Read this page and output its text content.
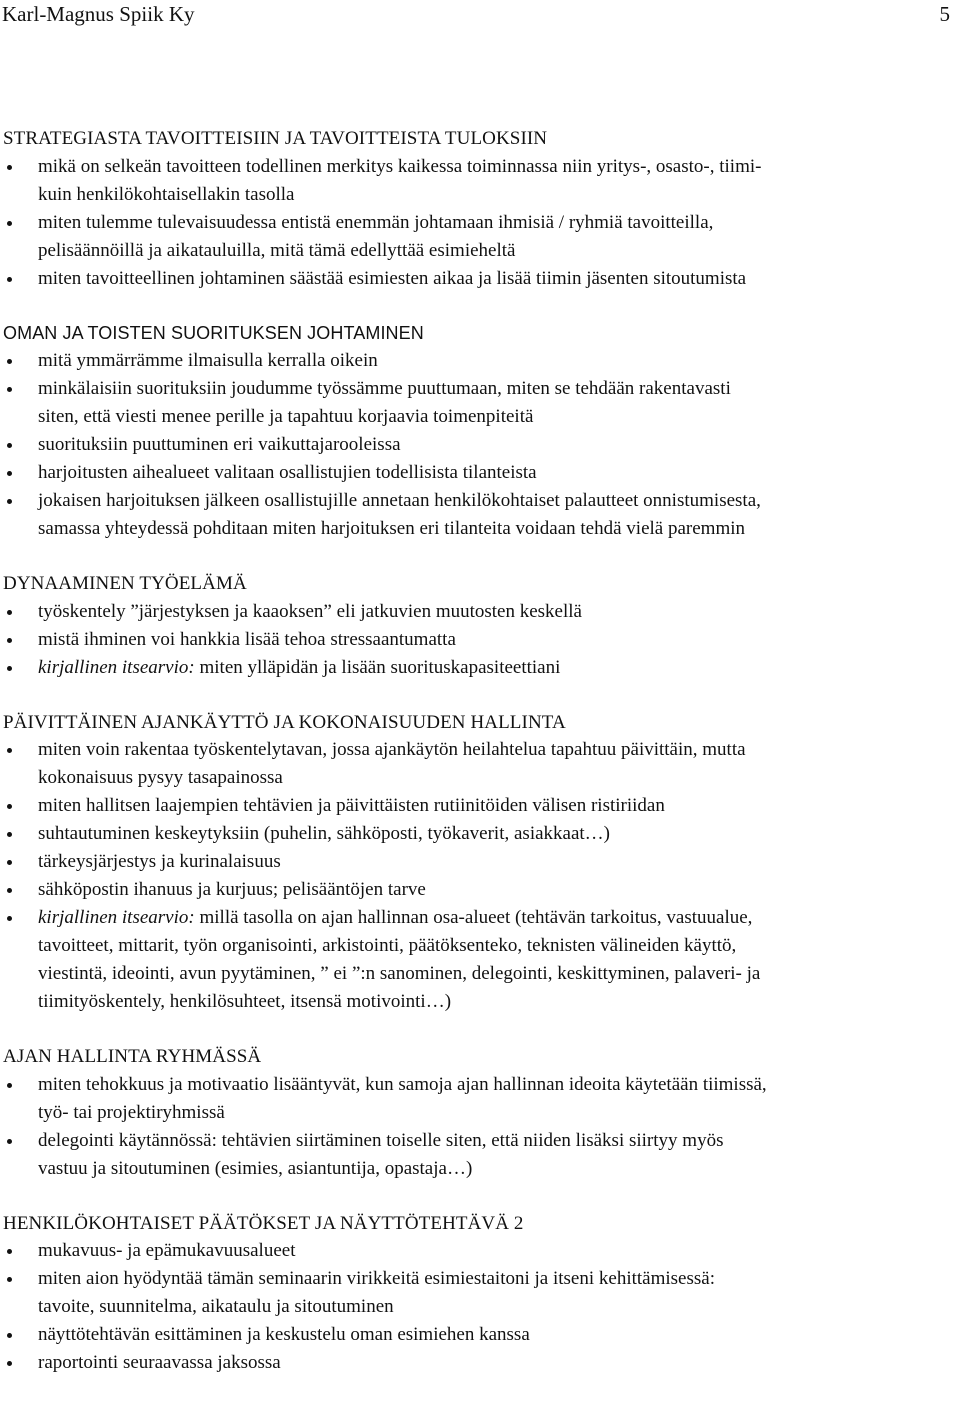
Karl-Magnus Spiik Ky	5
STRATEGIASTA TAVOITTEISIIN JA TAVOITTEISTA TULOKSIIN
mikä on selkeän tavoitteen todellinen merkitys kaikessa toiminnassa niin yritys-, osasto-, tiimi-
kuin henkilökohtaisellakin tasolla
miten tulemme tulevaisuudessa entistä enemmän johtamaan ihmisiä / ryhmiä tavoitteilla,
pelisäännöillä ja aikatauluilla, mitä tämä edellyttää esimieheltä
miten tavoitteellinen johtaminen säästää esimiesten aikaa ja lisää tiimin jäsenten sitoutumista
OMAN JA TOISTEN SUORITUKSEN JOHTAMINEN
mitä ymmärrämme ilmaisulla kerralla oikein
minkälaisiin suorituksiin joudumme työssämme puuttumaan, miten se tehdään rakentavasti
siten, että viesti menee perille ja tapahtuu korjaavia toimenpiteitä
suorituksiin puuttuminen eri vaikuttajarooleissa
harjoitusten aihealueet valitaan osallistujien todellisista tilanteista
jokaisen harjoituksen jälkeen osallistujille annetaan henkilökohtaiset palautteet onnistumisesta,
samassa yhteydessä pohditaan miten harjoituksen eri tilanteita voidaan tehdä vielä paremmin
DYNAAMINEN TYÖELÄMÄ
työskentely ”järjestyksen ja kaaoksen” eli jatkuvien muutosten keskellä
mistä ihminen voi hankkia lisää tehoa stressaantumatta
kirjallinen itsearvio: miten ylläpidän ja lisään suorituskapasiteettiani
PÄIVITTÄINEN AJANKÄYTTÖ JA KOKONAISUUDEN HALLINTA
miten voin rakentaa työskentelytavan, jossa ajankäytön heilahtelua tapahtuu päivittäin, mutta
kokonaisuus pysyy tasapainossa
miten hallitsen laajempien tehtävien ja päivittäisten rutiinitöiden välisen ristiriidan
suhtautuminen keskeytyksiin (puhelin, sähköposti, työkaverit, asiakkaat…)
tärkeysjärjestys ja kurinalaisuus
sähköpostin ihanuus ja kurjuus; pelisääntöjen tarve
kirjallinen itsearvio: millä tasolla on ajan hallinnan osa-alueet (tehtävän tarkoitus, vastuualue,
tavoitteet, mittarit, työn organisointi, arkistointi, päätöksenteko, teknisten välineiden käyttö,
viestintä, ideointi, avun pyytäminen, ” ei ”:n sanominen, delegointi, keskittyminen, palaveri- ja
tiimityöskentely, henkilösuhteet, itsensä motivointi…)
AJAN HALLINTA RYHMÄSSÄ
miten tehokkuus ja motivaatio lisääntyvät, kun samoja ajan hallinnan ideoita käytetään tiimissä,
työ- tai projektiryhmissä
delegointi käytännössä: tehtävien siirtäminen toiselle siten, että niiden lisäksi siirtyy myös
vastuu ja sitoutuminen (esimies, asiantuntija, opastaja…)
HENKILÖKOHTAISET PÄÄTÖKSET JA NÄYTTÖTEHTÄVÄ 2
mukavuus- ja epämukavuusalueet
miten aion hyödyntää tämän seminaarin virikkeitä esimiestaitoni ja itseni kehittämisessä:
tavoite, suunnitelma, aikataulu ja sitoutuminen
näyttötehtävän esittäminen ja keskustelu oman esimiehen kanssa
raportointi seuraavassa jaksossa
